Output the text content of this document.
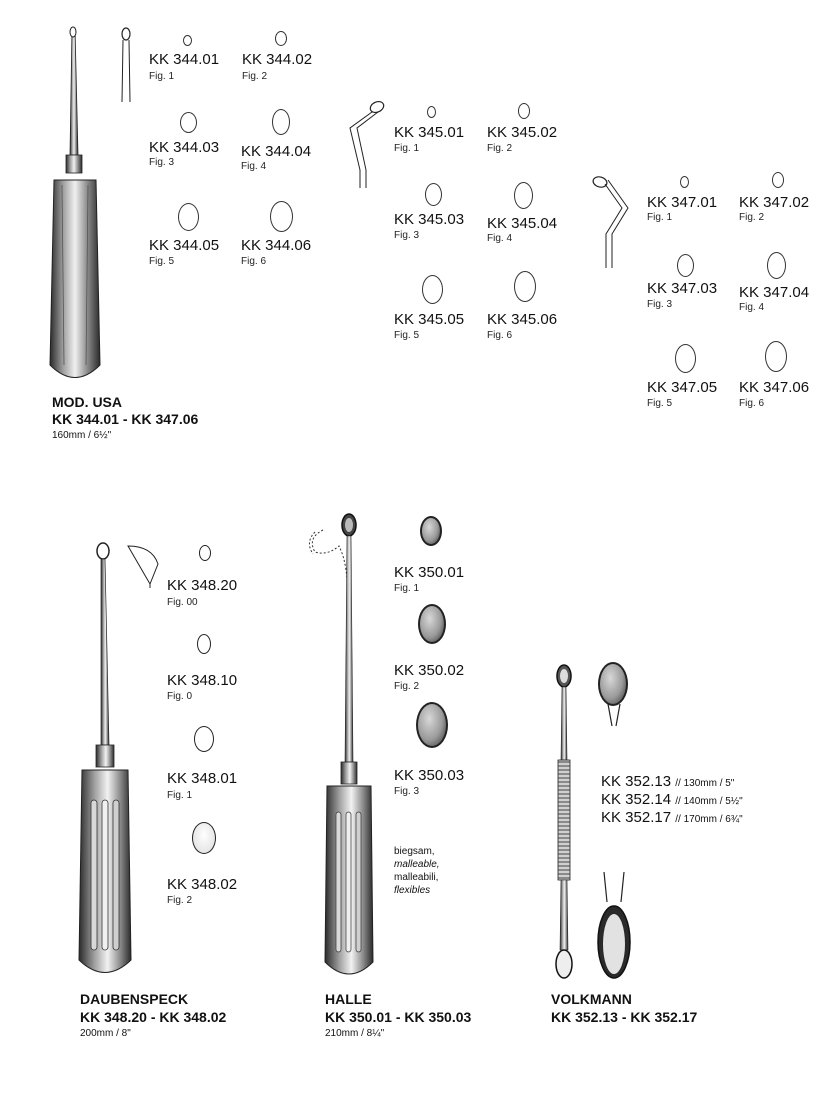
KK 344.01
Fig. 1
KK 344.02
Fig. 2
KK 344.03
Fig. 3
KK 344.04
Fig. 4
KK 344.05
Fig. 5
KK 344.06
Fig. 6
KK 345.01
Fig. 1
KK 345.02
Fig. 2
KK 345.03
Fig. 3
KK 345.04
Fig. 4
KK 345.05
Fig. 5
KK 345.06
Fig. 6
KK 347.01
Fig. 1
KK 347.02
Fig. 2
KK 347.03
Fig. 3
KK 347.04
Fig. 4
KK 347.05
Fig. 5
KK 347.06
Fig. 6
MOD. USA
KK 344.01 - KK 347.06
160mm / 6½"
KK 348.20
Fig. 00
KK 348.10
Fig. 0
KK 348.01
Fig. 1
KK 348.02
Fig. 2
DAUBENSPECK
KK 348.20 - KK 348.02
200mm / 8"
KK 350.01
Fig. 1
KK 350.02
Fig. 2
KK 350.03
Fig. 3
biegsam,
malleable,
malleabili,
flexibles
HALLE
KK 350.01 - KK 350.03
210mm / 8¼"
KK 352.13 // 130mm / 5"
KK 352.14 // 140mm / 5½"
KK 352.17 // 170mm / 6¾"
VOLKMANN
KK 352.13 - KK 352.17
